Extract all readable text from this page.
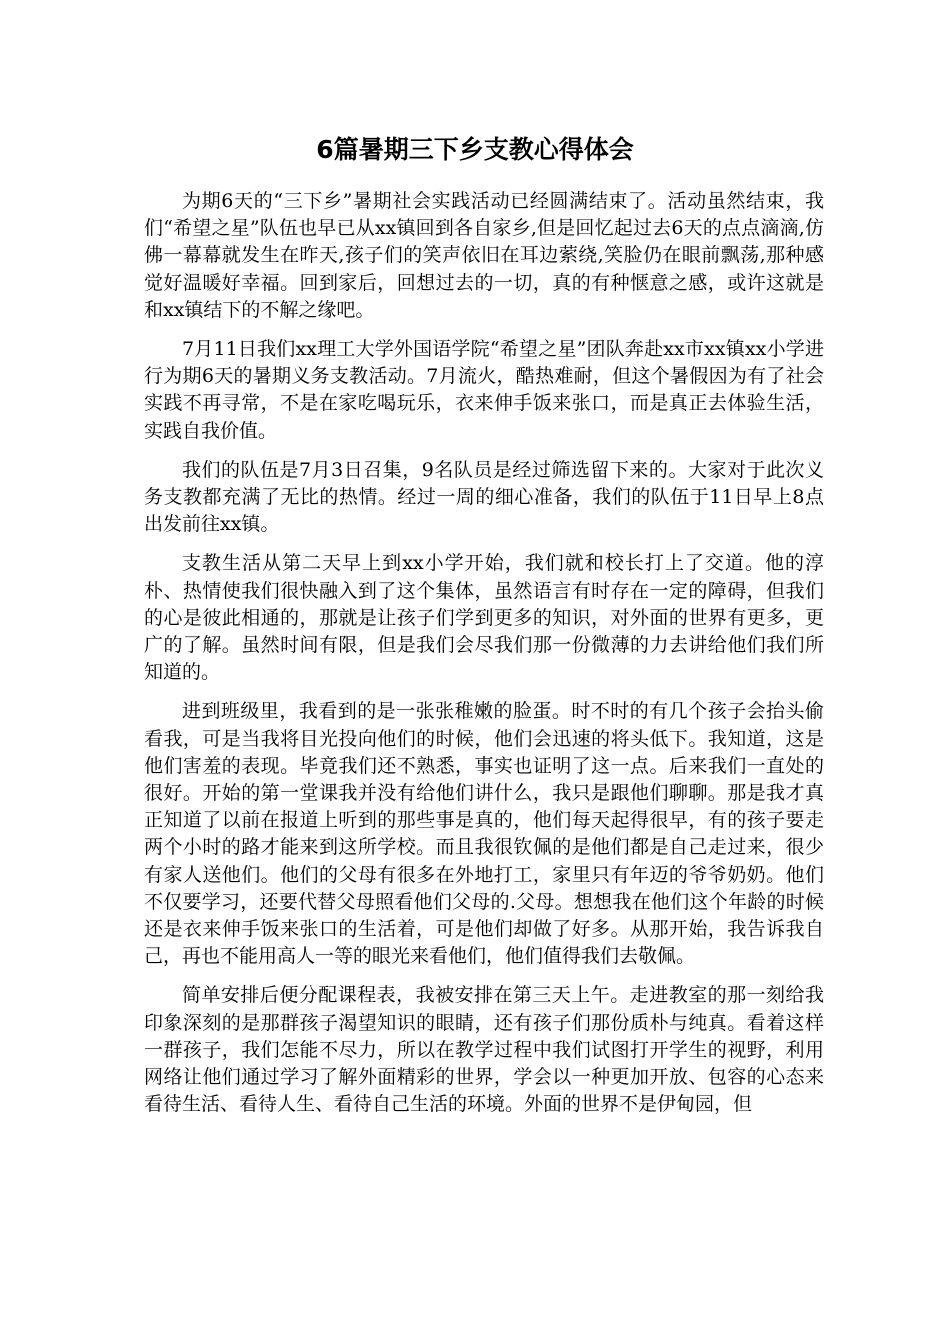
6篇暑期三下乡支教心得体会

为期6天的“三下乡”暑期社会实践活动已经圆满结束了。活动虽然结束，我们“希望之星”队伍也早已从xx镇回到各自家乡,但是回忆起过去6天的点点滴滴,仿佛一幕幕就发生在昨天,孩子们的笑声依旧在耳边萦绕,笑脸仍在眼前飘荡,那种感觉好温暖好幸福。回到家后，回想过去的一切，真的有种惬意之感，或许这就是和xx镇结下的不解之缘吧。

7月11日我们xx理工大学外国语学院“希望之星”团队奔赴xx市xx镇xx小学进行为期6天的暑期义务支教活动。7月流火，酷热难耐，但这个暑假因为有了社会实践不再寻常，不是在家吃喝玩乐，衣来伸手饭来张口，而是真正去体验生活，实践自我价值。

我们的队伍是7月3日召集，9名队员是经过筛选留下来的。大家对于此次义务支教都充满了无比的热情。经过一周的细心准备，我们的队伍于11日早上8点出发前往xx镇。

支教生活从第二天早上到xx小学开始，我们就和校长打上了交道。他的淳朴、热情使我们很快融入到了这个集体，虽然语言有时存在一定的障碍，但我们的心是彼此相通的，那就是让孩子们学到更多的知识，对外面的世界有更多，更广的了解。虽然时间有限，但是我们会尽我们那一份微薄的力去讲给他们我们所知道的。

进到班级里，我看到的是一张张稚嫩的脸蛋。时不时的有几个孩子会抬头偷看我，可是当我将目光投向他们的时候，他们会迅速的将头低下。我知道，这是他们害羞的表现。毕竟我们还不熟悉，事实也证明了这一点。后来我们一直处的很好。开始的第一堂课我并没有给他们讲什么，我只是跟他们聊聊。那是我才真正知道了以前在报道上听到的那些事是真的，他们每天起得很早，有的孩子要走两个小时的路才能来到这所学校。而且我很钦佩的是他们都是自己走过来，很少有家人送他们。他们的父母有很多在外地打工，家里只有年迈的爷爷奶奶。他们不仅要学习，还要代替父母照看他们父母的.父母。想想我在他们这个年龄的时候还是衣来伸手饭来张口的生活着，可是他们却做了好多。从那开始，我告诉我自己，再也不能用高人一等的眼光来看他们，他们值得我们去敬佩。

简单安排后便分配课程表，我被安排在第三天上午。走进教室的那一刻给我印象深刻的是那群孩子渴望知识的眼睛，还有孩子们那份质朴与纯真。看着这样一群孩子，我们怎能不尽力，所以在教学过程中我们试图打开学生的视野，利用网络让他们通过学习了解外面精彩的世界，学会以一种更加开放、包容的心态来看待生活、看待人生、看待自己生活的环境。外面的世界不是伊甸园，但
